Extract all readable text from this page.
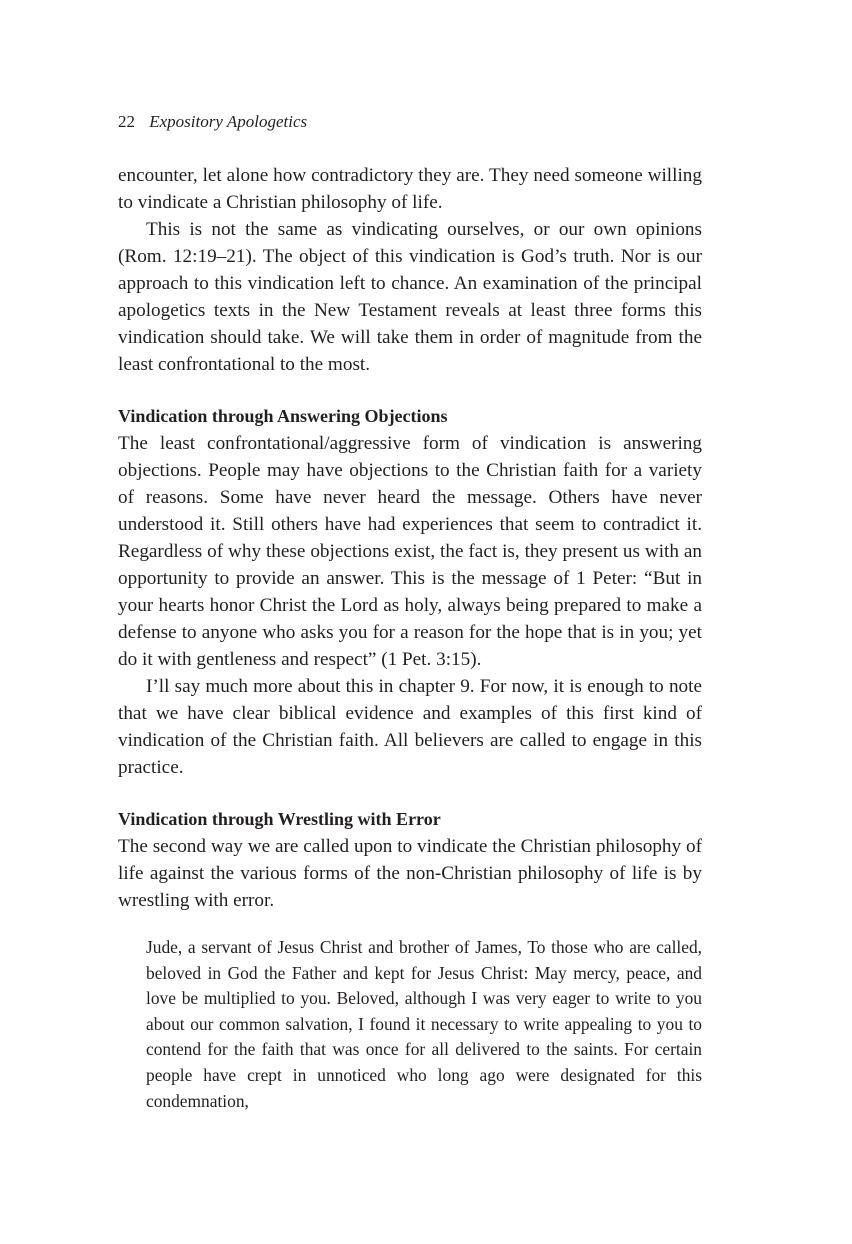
22 Expository Apologetics

encounter, let alone how contradictory they are. They need someone willing to vindicate a Christian philosophy of life.

This is not the same as vindicating ourselves, or our own opinions (Rom. 12:19–21). The object of this vindication is God’s truth. Nor is our approach to this vindication left to chance. An examination of the principal apologetics texts in the New Testament reveals at least three forms this vindication should take. We will take them in order of magnitude from the least confrontational to the most.

Vindication through Answering Objections

The least confrontational/aggressive form of vindication is answering objections. People may have objections to the Christian faith for a variety of reasons. Some have never heard the message. Others have never understood it. Still others have had experiences that seem to contradict it. Regardless of why these objections exist, the fact is, they present us with an opportunity to provide an answer. This is the message of 1 Peter: “But in your hearts honor Christ the Lord as holy, always being prepared to make a defense to anyone who asks you for a reason for the hope that is in you; yet do it with gentleness and respect” (1 Pet. 3:15).

I’ll say much more about this in chapter 9. For now, it is enough to note that we have clear biblical evidence and examples of this first kind of vindication of the Christian faith. All believers are called to engage in this practice.

Vindication through Wrestling with Error

The second way we are called upon to vindicate the Christian philosophy of life against the various forms of the non-Christian philosophy of life is by wrestling with error.

Jude, a servant of Jesus Christ and brother of James, To those who are called, beloved in God the Father and kept for Jesus Christ: May mercy, peace, and love be multiplied to you. Beloved, although I was very eager to write to you about our common salvation, I found it necessary to write appealing to you to contend for the faith that was once for all delivered to the saints. For certain people have crept in unnoticed who long ago were designated for this condemnation,
